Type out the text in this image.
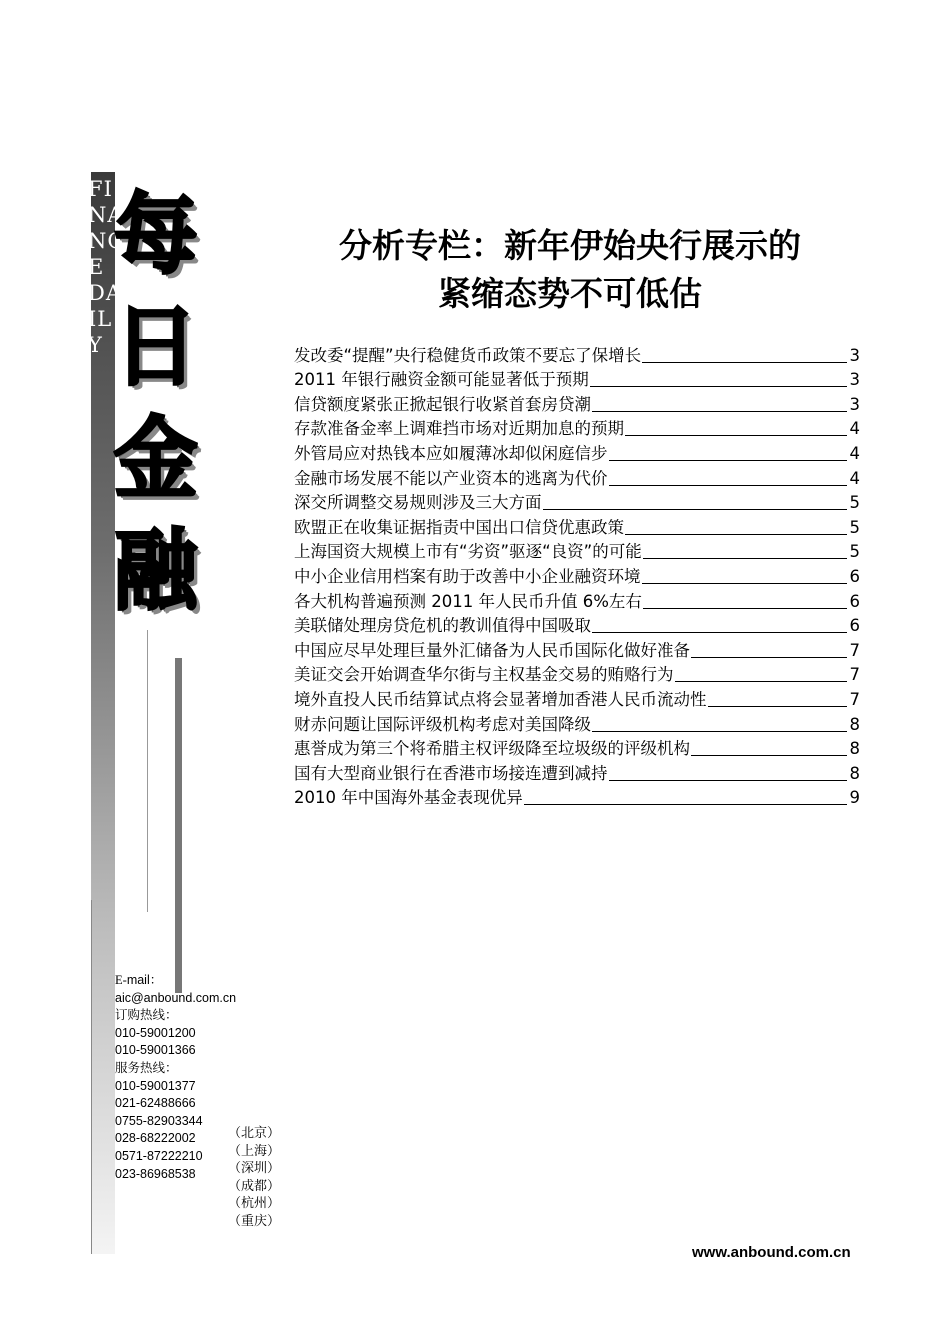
FI
NA
NC
E
DA
IL
Y
每
日
金
融
分析专栏：新年伊始央行展示的
紧缩态势不可低估
发改委“提醒”央行稳健货币政策不要忘了保增长	3
2011 年银行融资金额可能显著低于预期	3
信贷额度紧张正掀起银行收紧首套房贷潮	3
存款准备金率上调难挡市场对近期加息的预期	4
外管局应对热钱本应如履薄冰却似闲庭信步	4
金融市场发展不能以产业资本的逃离为代价	4
深交所调整交易规则涉及三大方面	5
欧盟正在收集证据指责中国出口信贷优惠政策	5
上海国资大规模上市有“劣资”驱逐“良资”的可能	5
中小企业信用档案有助于改善中小企业融资环境	6
各大机构普遍预测 2011 年人民币升值 6%左右	6
美联储处理房贷危机的教训值得中国吸取	6
中国应尽早处理巨量外汇储备为人民币国际化做好准备	7
美证交会开始调查华尔街与主权基金交易的贿赂行为	7
境外直投人民币结算试点将会显著增加香港人民币流动性	7
财赤问题让国际评级机构考虑对美国降级	8
惠誉成为第三个将希腊主权评级降至垃圾级的评级机构	8
国有大型商业银行在香港市场接连遭到减持	8
2010 年中国海外基金表现优异	9
E-mail：
aic@anbound.com.cn
订购热线：
010-59001200
010-59001366
服务热线：
010-59001377
021-62488666
0755-82903344
028-68222002
0571-87222210
023-86968538
（北京）
（上海）
（深圳）
（成都）
（杭州）
（重庆）
www.anbound.com.cn
